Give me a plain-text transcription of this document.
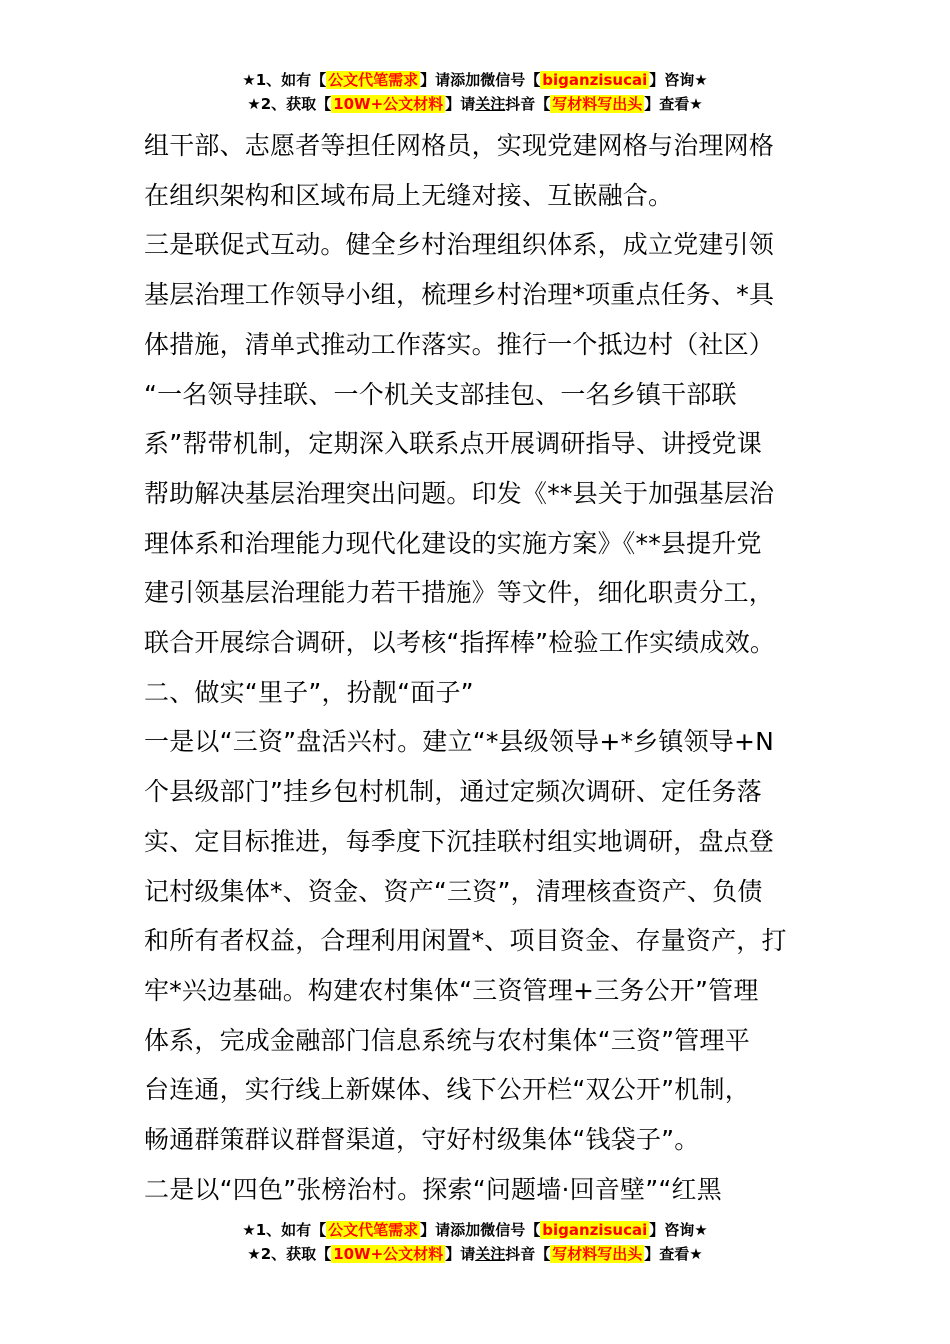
★1、如有【 公文代笔需求 】请添加微信号【 biganzisucai 】咨询★
★2、获取【 10W+公文材料 】请关注抖音【 写材料写出头 】查看★

组干部、志愿者等担任网格员，实现党建网格与治理网格

在组织架构和区域布局上无缝对接、互嵌融合。

三是联促式互动。健全乡村治理组织体系，成立党建引领

基层治理工作领导小组，梳理乡村治理*项重点任务、*具

体措施，清单式推动工作落实。推行一个抵边村（社区）

“一名领导挂联、一个机关支部挂包、一名乡镇干部联

系”帮带机制，定期深入联系点开展调研指导、讲授党课

帮助解决基层治理突出问题。印发《**县关于加强基层治

理体系和治理能力现代化建设的实施方案》《**县提升党

建引领基层治理能力若干措施》等文件，细化职责分工，

联合开展综合调研，以考核“指挥棒”检验工作实绩成效。

二、做实“里子”，扮靓“面子”

一是以“三资”盘活兴村。建立“*县级领导+*乡镇领导+N

个县级部门”挂乡包村机制，通过定频次调研、定任务落

实、定目标推进，每季度下沉挂联村组实地调研，盘点登

记村级集体*、资金、资产“三资”，清理核查资产、负债

和所有者权益，合理利用闲置*、项目资金、存量资产，打

牢*兴边基础。构建农村集体“三资管理+三务公开”管理

体系，完成金融部门信息系统与农村集体“三资”管理平

台连通，实行线上新媒体、线下公开栏“双公开”机制，

畅通群策群议群督渠道，守好村级集体“钱袋子”。

二是以“四色”张榜治村。探索“问题墙·回音壁”“红黑

★1、如有【 公文代笔需求 】请添加微信号【 biganzisucai 】咨询★
★2、获取【 10W+公文材料 】请关注抖音【 写材料写出头 】查看★
